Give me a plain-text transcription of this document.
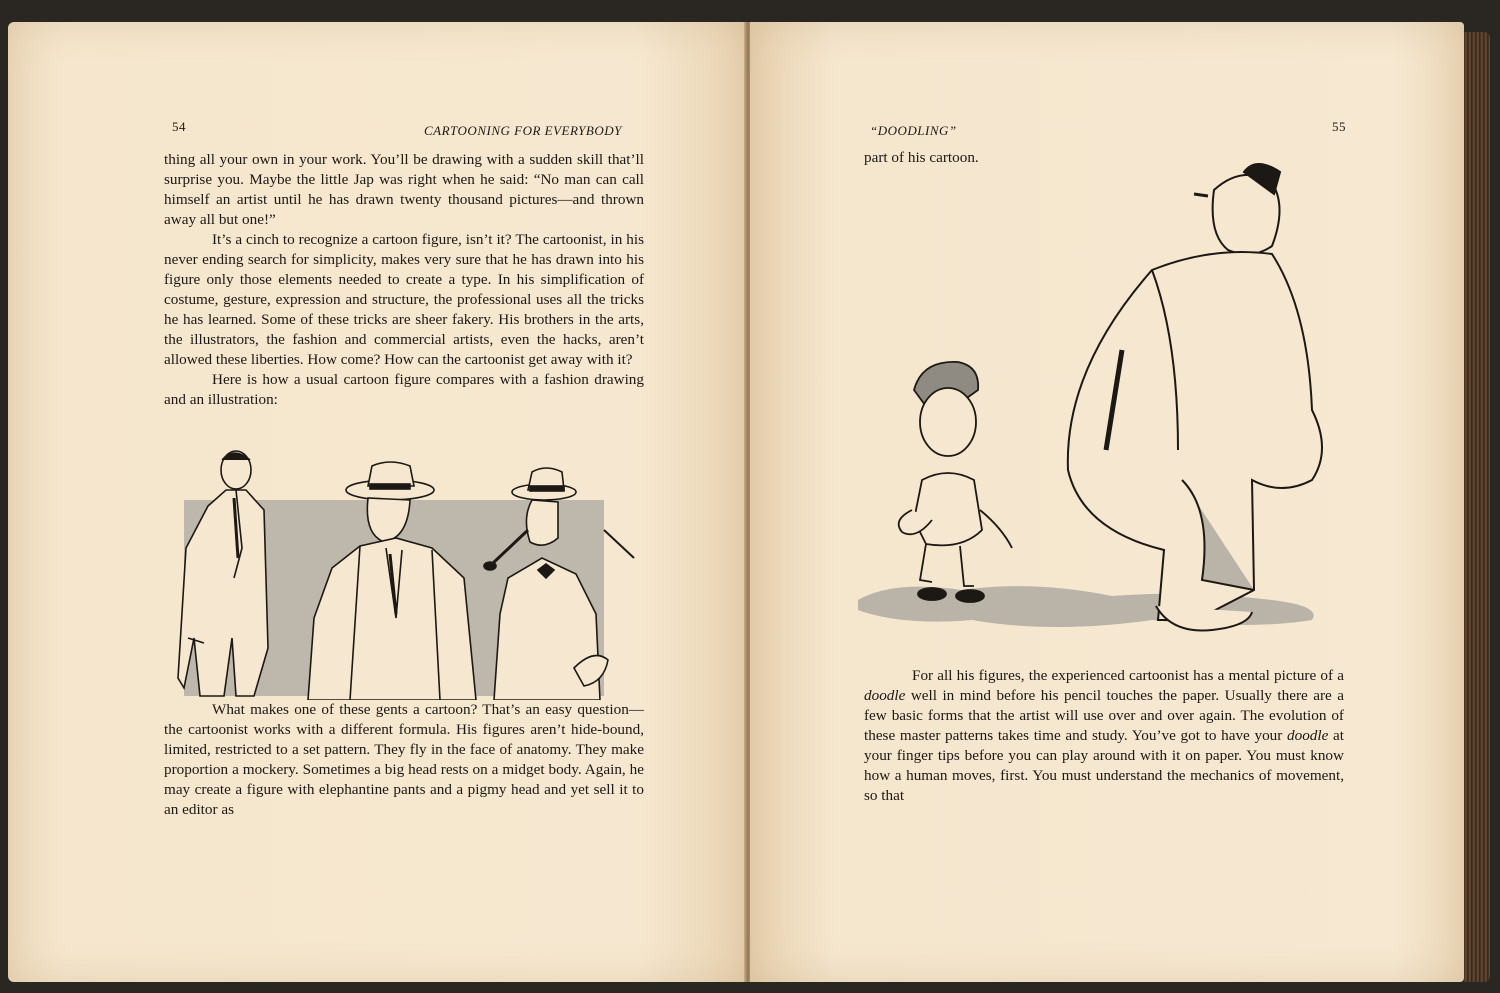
54	CARTOONING FOR EVERYBODY

thing all your own in your work. You’ll be drawing with a sudden skill that’ll surprise you. Maybe the little Jap was right when he said: “No man can call himself an artist until he has drawn twenty thousand pictures—and thrown away all but one!”

It’s a cinch to recognize a cartoon figure, isn’t it? The cartoonist, in his never ending search for simplicity, makes very sure that he has drawn into his figure only those elements needed to create a type. In his simplification of costume, gesture, expression and structure, the professional uses all the tricks he has learned. Some of these tricks are sheer fakery. His brothers in the arts, the illustrators, the fashion and commercial artists, even the hacks, aren’t allowed these liberties. How come? How can the cartoonist get away with it?

Here is how a usual cartoon figure compares with a fashion drawing and an illustration:

What makes one of these gents a cartoon? That’s an easy question—the cartoonist works with a different formula. His figures aren’t hide-bound, limited, restricted to a set pattern. They fly in the face of anatomy. They make proportion a mockery. Sometimes a big head rests on a midget body. Again, he may create a figure with elephantine pants and a pigmy head and yet sell it to an editor as

“DOODLING”	55

part of his cartoon.

For all his figures, the experienced cartoonist has a mental picture of a doodle well in mind before his pencil touches the paper. Usually there are a few basic forms that the artist will use over and over again. The evolution of these master patterns takes time and study. You’ve got to have your doodle at your finger tips before you can play around with it on paper. You must know how a human moves, first. You must understand the mechanics of movement, so that
